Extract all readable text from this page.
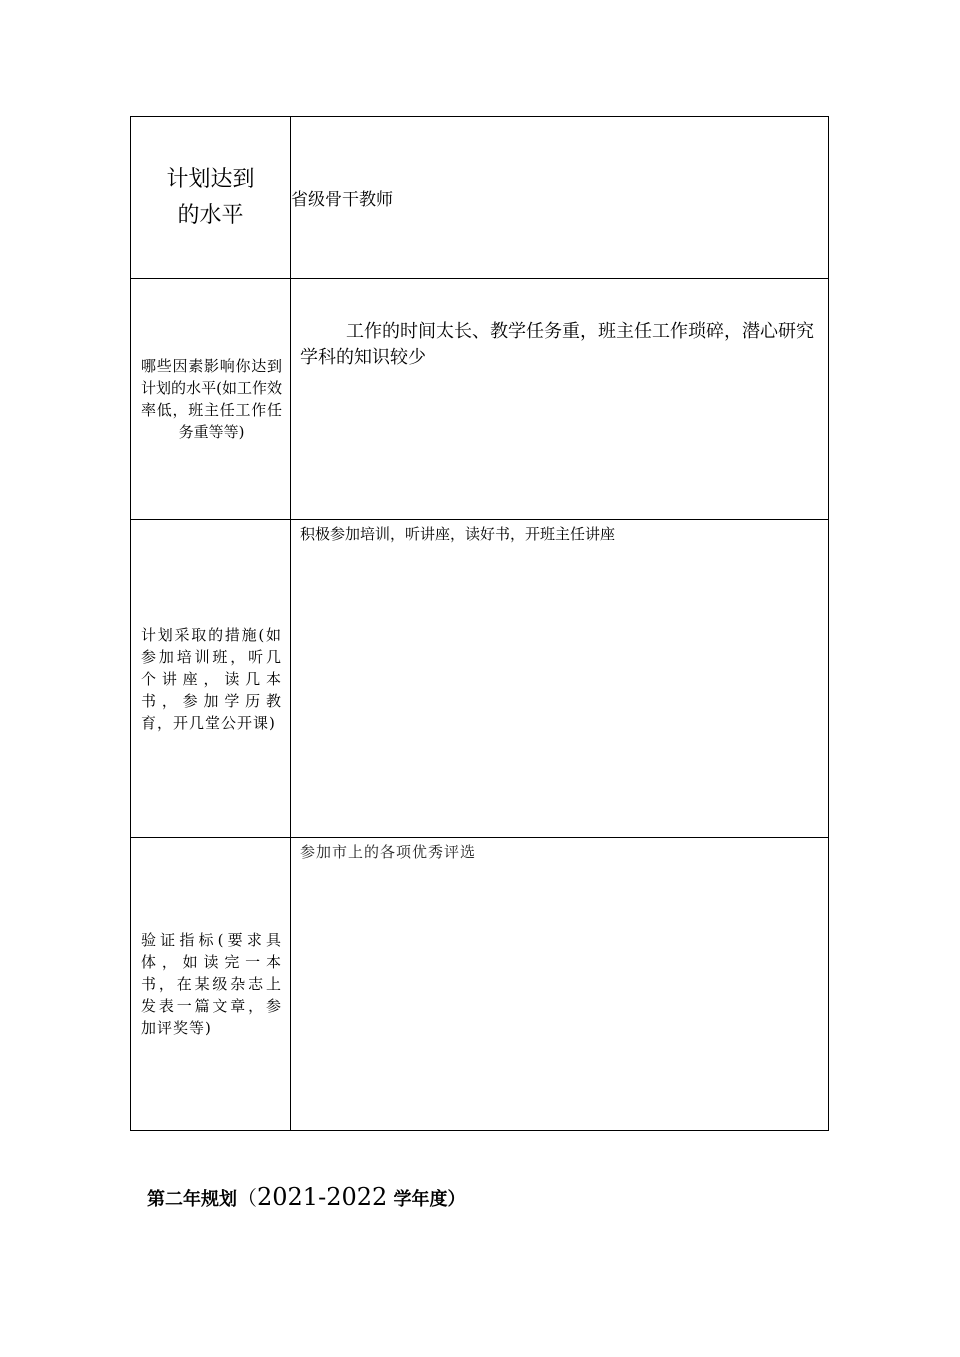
计划达到
的水平	省级骨干教师

哪些因素影响你达到计划的水平(如工作效率低，班主任工作任务重等等)	工作的时间太长、教学任务重，班主任工作琐碎，潜心研究学科的知识较少

计划采取的措施(如参加培训班，听几个讲座，读几本书，参加学历教育，开几堂公开课)	积极参加培训，听讲座，读好书，开班主任讲座

验证指标(要求具体，如读完一本书，在某级杂志上发表一篇文章，参加评奖等)	参加市上的各项优秀评选
第二年规划（2021-2022 学年度）
